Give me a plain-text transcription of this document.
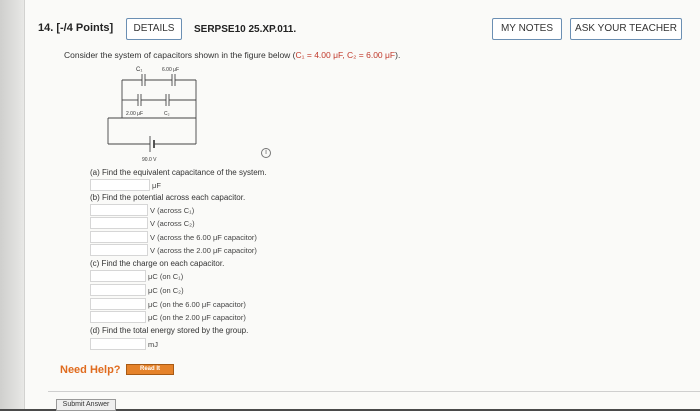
14. [-/4 Points]	DETAILS	SERPSE10 25.XP.011.	MY NOTES	ASK YOUR TEACHER
Consider the system of capacitors shown in the figure below (C₁ = 4.00 μF, C₂ = 6.00 μF).
C₁	6.00 μF
2.00 μF	C₂
90.0 V
i
(a) Find the equivalent capacitance of the system.
μF
(b) Find the potential across each capacitor.
V (across C₁)
V (across C₂)
V (across the 6.00 μF capacitor)
V (across the 2.00 μF capacitor)
(c) Find the charge on each capacitor.
μC (on C₁)
μC (on C₂)
μC (on the 6.00 μF capacitor)
μC (on the 2.00 μF capacitor)
(d) Find the total energy stored by the group.
mJ
Need Help?	Read It
Submit Answer
